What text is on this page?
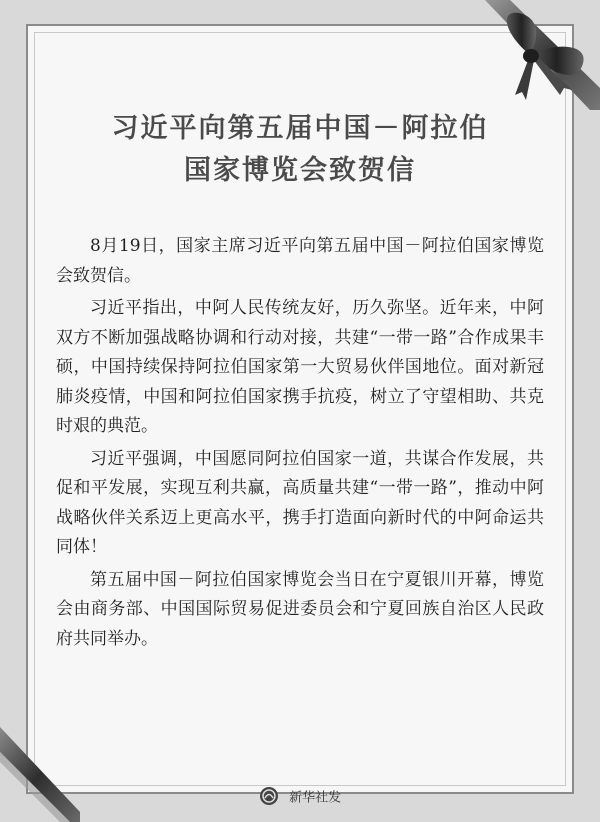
习近平向第五届中国－阿拉伯
国家博览会致贺信

8月19日，国家主席习近平向第五届中国－阿拉伯国家博览会致贺信。

习近平指出，中阿人民传统友好，历久弥坚。近年来，中阿双方不断加强战略协调和行动对接，共建“一带一路”合作成果丰硕，中国持续保持阿拉伯国家第一大贸易伙伴国地位。面对新冠肺炎疫情，中国和阿拉伯国家携手抗疫，树立了守望相助、共克时艰的典范。

习近平强调，中国愿同阿拉伯国家一道，共谋合作发展，共促和平发展，实现互利共赢，高质量共建“一带一路”，推动中阿战略伙伴关系迈上更高水平，携手打造面向新时代的中阿命运共同体！

第五届中国－阿拉伯国家博览会当日在宁夏银川开幕，博览会由商务部、中国国际贸易促进委员会和宁夏回族自治区人民政府共同举办。

新华社发
